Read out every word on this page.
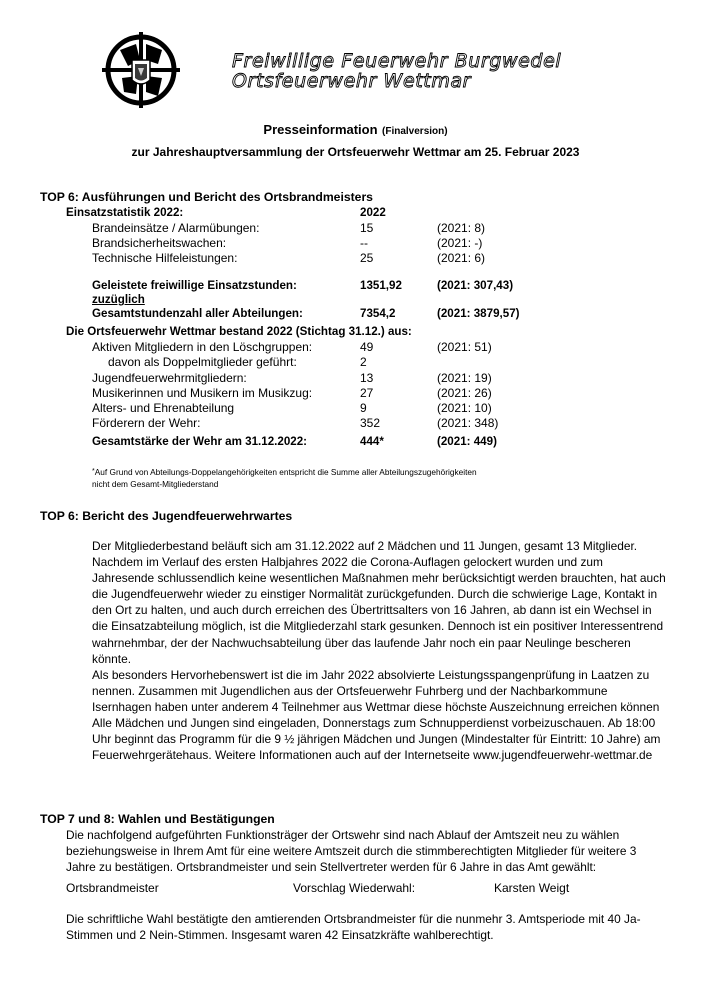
Freiwillige Feuerwehr Burgwedel
Ortsfeuerwehr Wettmar
Presseinformation (Finalversion)
zur Jahreshauptversammlung der Ortsfeuerwehr Wettmar am 25. Februar 2023
TOP 6: Ausführungen und Bericht des Ortsbrandmeisters
Einsatzstatistik 2022:	2022
Brandeinsätze / Alarmübungen:	15	(2021: 8)
Brandsicherheitswachen:	--	(2021: -)
Technische Hilfeleistungen:	25	(2021: 6)
Geleistete freiwillige Einsatzstunden:	1351,92	(2021: 307,43)
zuzüglich
Gesamtstundenzahl aller Abteilungen:	7354,2	(2021: 3879,57)
Die Ortsfeuerwehr Wettmar bestand 2022 (Stichtag 31.12.) aus:
Aktiven Mitgliedern in den Löschgruppen:	49	(2021: 51)
davon als Doppelmitglieder geführt:	2
Jugendfeuerwehrmitgliedern:	13	(2021: 19)
Musikerinnen und Musikern im Musikzug:	27	(2021: 26)
Alters- und Ehrenabteilung	9	(2021: 10)
Förderern der Wehr:	352	(2021: 348)
Gesamtstärke der Wehr am 31.12.2022:	444*	(2021: 449)
*Auf Grund von Abteilungs-Doppelangehörigkeiten entspricht die Summe aller Abteilungszugehörigkeiten
nicht dem Gesamt-Mitgliederstand
TOP 6: Bericht des Jugendfeuerwehrwartes

Der Mitgliederbestand beläuft sich am 31.12.2022 auf 2 Mädchen und 11 Jungen, gesamt 13 Mitglieder.

Nachdem im Verlauf des ersten Halbjahres 2022 die Corona-Auflagen gelockert wurden und zum Jahresende schlussendlich keine wesentlichen Maßnahmen mehr berücksichtigt werden brauchten, hat auch die Jugendfeuerwehr wieder zu einstiger Normalität zurückgefunden. Durch die schwierige Lage, Kontakt in den Ort zu halten, und auch durch erreichen des Übertrittsalters von 16 Jahren, ab dann ist ein Wechsel in die Einsatzabteilung möglich, ist die Mitgliederzahl stark gesunken. Dennoch ist ein positiver Interessentrend wahrnehmbar, der der Nachwuchsabteilung über das laufende Jahr noch ein paar Neulinge bescheren könnte.

Als besonders Hervorhebenswert ist die im Jahr 2022 absolvierte Leistungsspangenprüfung in Laatzen zu nennen. Zusammen mit Jugendlichen aus der Ortsfeuerwehr Fuhrberg und der Nachbarkommune Isernhagen haben unter anderem 4 Teilnehmer aus Wettmar diese höchste Auszeichnung erreichen können

Alle Mädchen und Jungen sind eingeladen, Donnerstags zum Schnupperdienst vorbeizuschauen. Ab 18:00 Uhr beginnt das Programm für die 9 ½ jährigen Mädchen und Jungen (Mindestalter für Eintritt: 10 Jahre) am Feuerwehrgerätehaus. Weitere Informationen auch auf der Internetseite www.jugendfeuerwehr-wettmar.de

TOP 7 und 8: Wahlen und Bestätigungen

Die nachfolgend aufgeführten Funktionsträger der Ortswehr sind nach Ablauf der Amtszeit neu zu wählen beziehungsweise in Ihrem Amt für eine weitere Amtszeit durch die stimmberechtigten Mitglieder für weitere 3 Jahre zu bestätigen. Ortsbrandmeister und sein Stellvertreter werden für 6 Jahre in das Amt gewählt:

Ortsbrandmeister	Vorschlag Wiederwahl:	Karsten Weigt

Die schriftliche Wahl bestätigte den amtierenden Ortsbrandmeister für die nunmehr 3. Amtsperiode mit 40 Ja-Stimmen und 2 Nein-Stimmen. Insgesamt waren 42 Einsatzkräfte wahlberechtigt.
